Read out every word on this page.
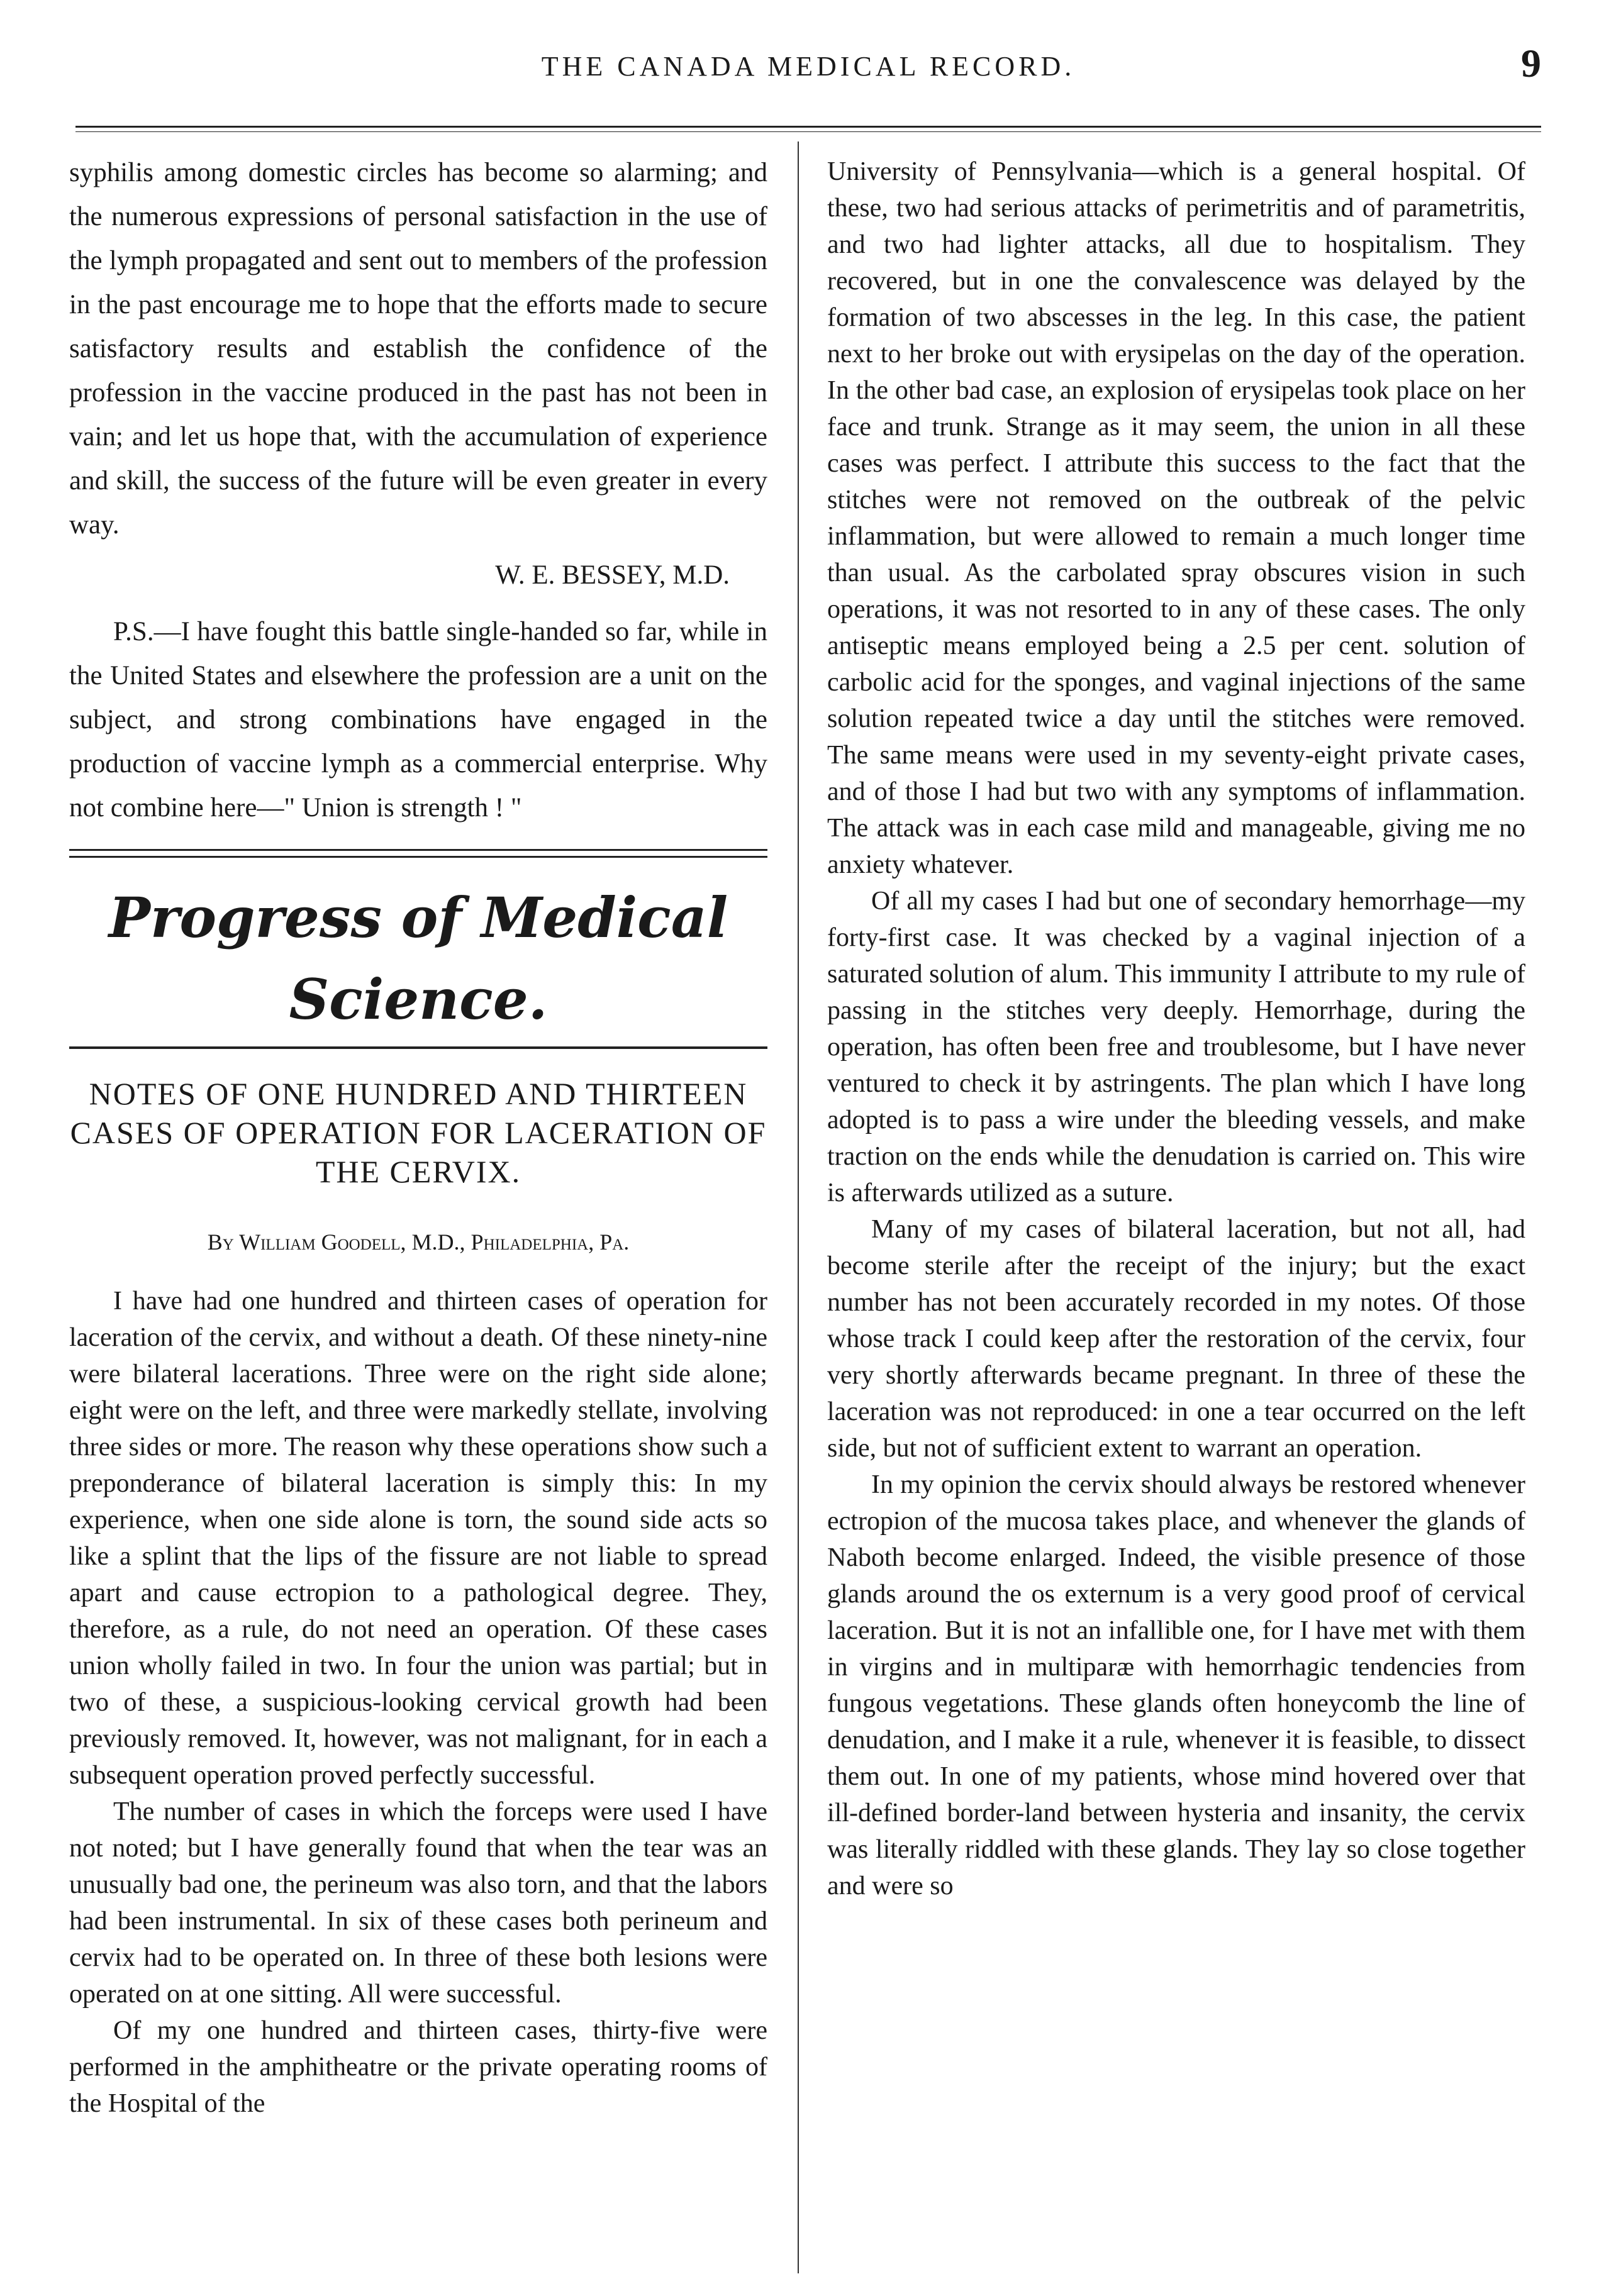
THE CANADA MEDICAL RECORD.	9

syphilis among domestic circles has become so alarming; and the numerous expressions of personal satisfaction in the use of the lymph propagated and sent out to members of the profession in the past encourage me to hope that the efforts made to secure satisfactory results and establish the confidence of the profession in the vaccine produced in the past has not been in vain; and let us hope that, with the accumulation of experience and skill, the success of the future will be even greater in every way.

W. E. BESSEY, M.D.

P.S.—I have fought this battle single-handed so far, while in the United States and elsewhere the profession are a unit on the subject, and strong combinations have engaged in the production of vaccine lymph as a commercial enterprise. Why not combine here—" Union is strength ! "

Progress of Medical Science.

NOTES OF ONE HUNDRED AND THIRTEEN CASES OF OPERATION FOR LACERATION OF THE CERVIX.

By William Goodell, M.D., Philadelphia, Pa.

I have had one hundred and thirteen cases of operation for laceration of the cervix, and without a death. Of these ninety-nine were bilateral lacerations. Three were on the right side alone; eight were on the left, and three were markedly stellate, involving three sides or more. The reason why these operations show such a preponderance of bilateral laceration is simply this: In my experience, when one side alone is torn, the sound side acts so like a splint that the lips of the fissure are not liable to spread apart and cause ectropion to a pathological degree. They, therefore, as a rule, do not need an operation. Of these cases union wholly failed in two. In four the union was partial; but in two of these, a suspicious-looking cervical growth had been previously removed. It, however, was not malignant, for in each a subsequent operation proved perfectly successful.

The number of cases in which the forceps were used I have not noted; but I have generally found that when the tear was an unusually bad one, the perineum was also torn, and that the labors had been instrumental. In six of these cases both perineum and cervix had to be operated on. In three of these both lesions were operated on at one sitting. All were successful.

Of my one hundred and thirteen cases, thirty-five were performed in the amphitheatre or the private operating rooms of the Hospital of the

University of Pennsylvania—which is a general hospital. Of these, two had serious attacks of perimetritis and of parametritis, and two had lighter attacks, all due to hospitalism. They recovered, but in one the convalescence was delayed by the formation of two abscesses in the leg. In this case, the patient next to her broke out with erysipelas on the day of the operation. In the other bad case, an explosion of erysipelas took place on her face and trunk. Strange as it may seem, the union in all these cases was perfect. I attribute this success to the fact that the stitches were not removed on the outbreak of the pelvic inflammation, but were allowed to remain a much longer time than usual. As the carbolated spray obscures vision in such operations, it was not resorted to in any of these cases. The only antiseptic means employed being a 2.5 per cent. solution of carbolic acid for the sponges, and vaginal injections of the same solution repeated twice a day until the stitches were removed. The same means were used in my seventy-eight private cases, and of those I had but two with any symptoms of inflammation. The attack was in each case mild and manageable, giving me no anxiety whatever.

Of all my cases I had but one of secondary hemorrhage—my forty-first case. It was checked by a vaginal injection of a saturated solution of alum. This immunity I attribute to my rule of passing in the stitches very deeply. Hemorrhage, during the operation, has often been free and troublesome, but I have never ventured to check it by astringents. The plan which I have long adopted is to pass a wire under the bleeding vessels, and make traction on the ends while the denudation is carried on. This wire is afterwards utilized as a suture.

Many of my cases of bilateral laceration, but not all, had become sterile after the receipt of the injury; but the exact number has not been accurately recorded in my notes. Of those whose track I could keep after the restoration of the cervix, four very shortly afterwards became pregnant. In three of these the laceration was not reproduced: in one a tear occurred on the left side, but not of sufficient extent to warrant an operation.

In my opinion the cervix should always be restored whenever ectropion of the mucosa takes place, and whenever the glands of Naboth become enlarged. Indeed, the visible presence of those glands around the os externum is a very good proof of cervical laceration. But it is not an infallible one, for I have met with them in virgins and in multiparæ with hemorrhagic tendencies from fungous vegetations. These glands often honeycomb the line of denudation, and I make it a rule, whenever it is feasible, to dissect them out. In one of my patients, whose mind hovered over that ill-defined border-land between hysteria and insanity, the cervix was literally riddled with these glands. They lay so close together and were so
